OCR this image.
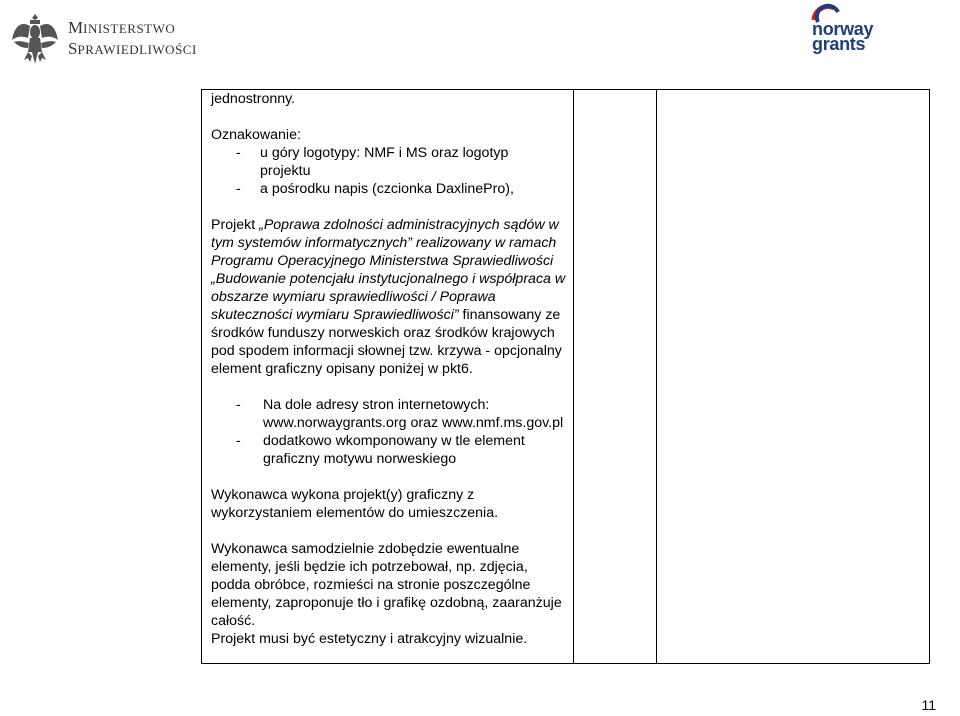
MINISTERSTWO
SPRAWIEDLIWOŚCI
norway
grants

jednostronny.

Oznakowanie:

- u góry logotypy: NMF i MS oraz logotyp
projektu
- a pośrodku napis (czcionka DaxlinePro),

Projekt „Poprawa zdolności administracyjnych sądów w tym systemów informatycznych” realizowany w ramach Programu Operacyjnego Ministerstwa Sprawiedliwości „Budowanie potencjału instytucjonalnego i współpraca w obszarze wymiaru sprawiedliwości / Poprawa skuteczności wymiaru Sprawiedliwości” finansowany ze środków funduszy norweskich oraz środków krajowych pod spodem informacji słownej tzw. krzywa - opcjonalny element graficzny opisany poniżej w pkt6.

- Na dole adresy stron internetowych: www.norwaygrants.org oraz www.nmf.ms.gov.pl
- dodatkowo wkomponowany w tle element graficzny motywu norweskiego

Wykonawca wykona projekt(y) graficzny z wykorzystaniem elementów do umieszczenia.

Wykonawca samodzielnie zdobędzie ewentualne elementy, jeśli będzie ich potrzebował, np. zdjęcia, podda obróbce, rozmieści na stronie poszczególne elementy, zaproponuje tło i grafikę ozdobną, zaaranżuje całość.

Projekt musi być estetyczny i atrakcyjny wizualnie.

11
